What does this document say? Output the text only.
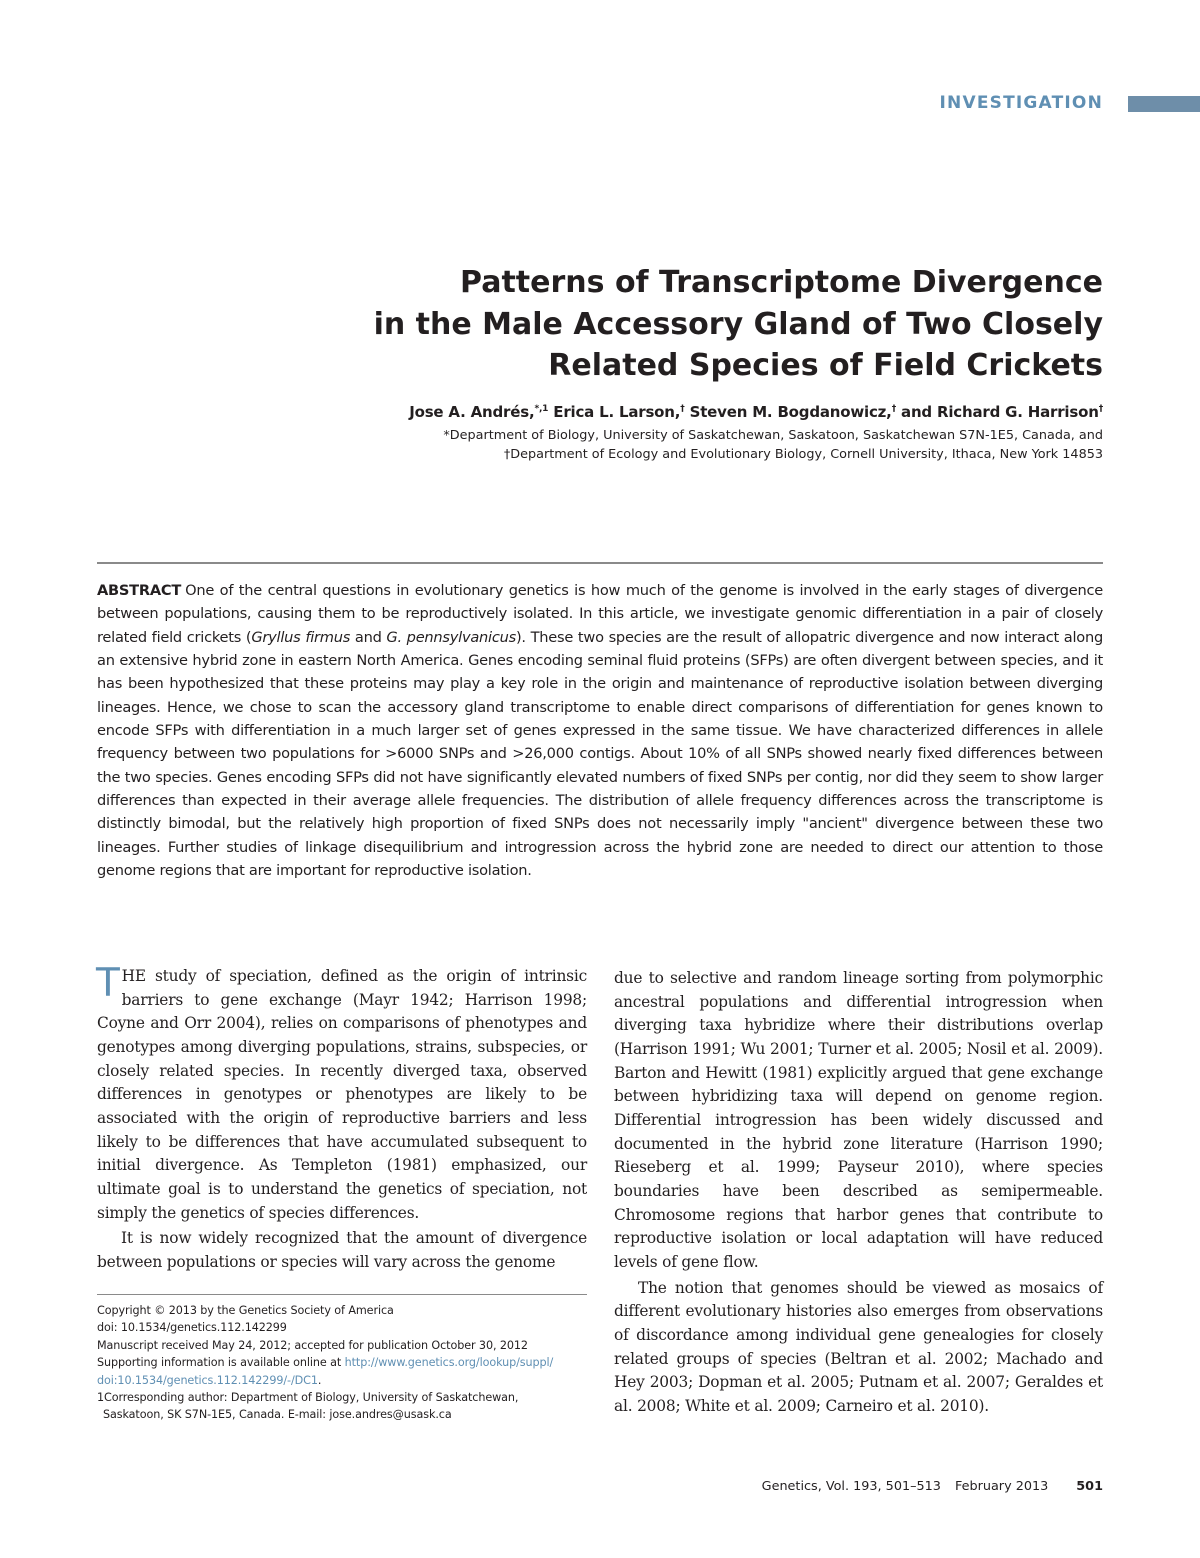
INVESTIGATION
Patterns of Transcriptome Divergence
in the Male Accessory Gland of Two Closely
Related Species of Field Crickets
Jose A. Andrés,$^{*,1}$ Erica L. Larson,† Steven M. Bogdanowicz,† and Richard G. Harrison†
*Department of Biology, University of Saskatchewan, Saskatoon, Saskatchewan S7N-1E5, Canada, and
†Department of Ecology and Evolutionary Biology, Cornell University, Ithaca, New York 14853
ABSTRACT One of the central questions in evolutionary genetics is how much of the genome is involved in the early stages of divergence between populations, causing them to be reproductively isolated. In this article, we investigate genomic differentiation in a pair of closely related field crickets (Gryllus firmus and G. pennsylvanicus). These two species are the result of allopatric divergence and now interact along an extensive hybrid zone in eastern North America. Genes encoding seminal fluid proteins (SFPs) are often divergent between species, and it has been hypothesized that these proteins may play a key role in the origin and maintenance of reproductive isolation between diverging lineages. Hence, we chose to scan the accessory gland transcriptome to enable direct comparisons of differentiation for genes known to encode SFPs with differentiation in a much larger set of genes expressed in the same tissue. We have characterized differences in allele frequency between two populations for >6000 SNPs and >26,000 contigs. About 10% of all SNPs showed nearly fixed differences between the two species. Genes encoding SFPs did not have significantly elevated numbers of fixed SNPs per contig, nor did they seem to show larger differences than expected in their average allele frequencies. The distribution of allele frequency differences across the transcriptome is distinctly bimodal, but the relatively high proportion of fixed SNPs does not necessarily imply "ancient" divergence between these two lineages. Further studies of linkage disequilibrium and introgression across the hybrid zone are needed to direct our attention to those genome regions that are important for reproductive isolation.

THE study of speciation, defined as the origin of intrinsic barriers to gene exchange (Mayr 1942; Harrison 1998; Coyne and Orr 2004), relies on comparisons of phenotypes and genotypes among diverging populations, strains, subspecies, or closely related species. In recently diverged taxa, observed differences in genotypes or phenotypes are likely to be associated with the origin of reproductive barriers and less likely to be differences that have accumulated subsequent to initial divergence. As Templeton (1981) emphasized, our ultimate goal is to understand the genetics of speciation, not simply the genetics of species differences.

It is now widely recognized that the amount of divergence between populations or species will vary across the genome

due to selective and random lineage sorting from polymorphic ancestral populations and differential introgression when diverging taxa hybridize where their distributions overlap (Harrison 1991; Wu 2001; Turner et al. 2005; Nosil et al. 2009). Barton and Hewitt (1981) explicitly argued that gene exchange between hybridizing taxa will depend on genome region. Differential introgression has been widely discussed and documented in the hybrid zone literature (Harrison 1990; Rieseberg et al. 1999; Payseur 2010), where species boundaries have been described as semipermeable. Chromosome regions that harbor genes that contribute to reproductive isolation or local adaptation will have reduced levels of gene flow.

The notion that genomes should be viewed as mosaics of different evolutionary histories also emerges from observations of discordance among individual gene genealogies for closely related groups of species (Beltran et al. 2002; Machado and Hey 2003; Dopman et al. 2005; Putnam et al. 2007; Geraldes et al. 2008; White et al. 2009; Carneiro et al. 2010).

Copyright © 2013 by the Genetics Society of America
doi: 10.1534/genetics.112.142299
Manuscript received May 24, 2012; accepted for publication October 30, 2012
Supporting information is available online at http://www.genetics.org/lookup/suppl/
doi:10.1534/genetics.112.142299/-/DC1.
1Corresponding author: Department of Biology, University of Saskatchewan,
Saskatoon, SK S7N-1E5, Canada. E-mail: jose.andres@usask.ca
Genetics, Vol. 193, 501–513 February 2013 501
